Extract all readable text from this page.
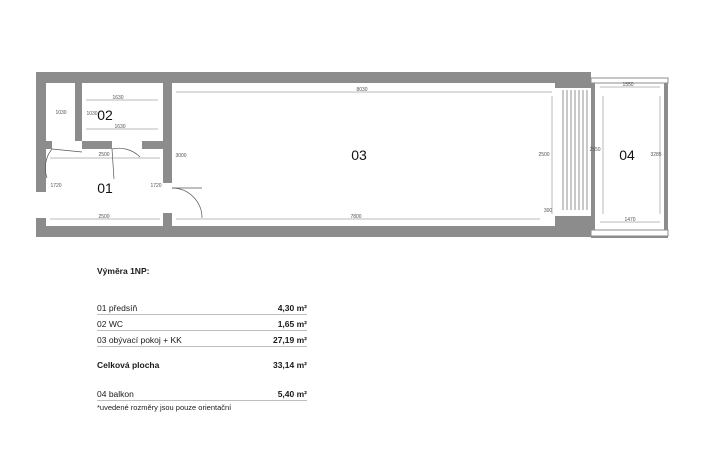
1630
1630
1030	1030
2500
2500
1720	1720
3000
8030
7800
2500
300
2550
1550
3285
1470
02
01
03	04
Výměra 1NP:
01 předsíň	4,30 m²
02 WC	1,65 m²
03 obývací pokoj + KK	27,19 m²
Celková plocha	33,14 m²
04 balkon	5,40 m²
*uvedené rozměry jsou pouze orientační
